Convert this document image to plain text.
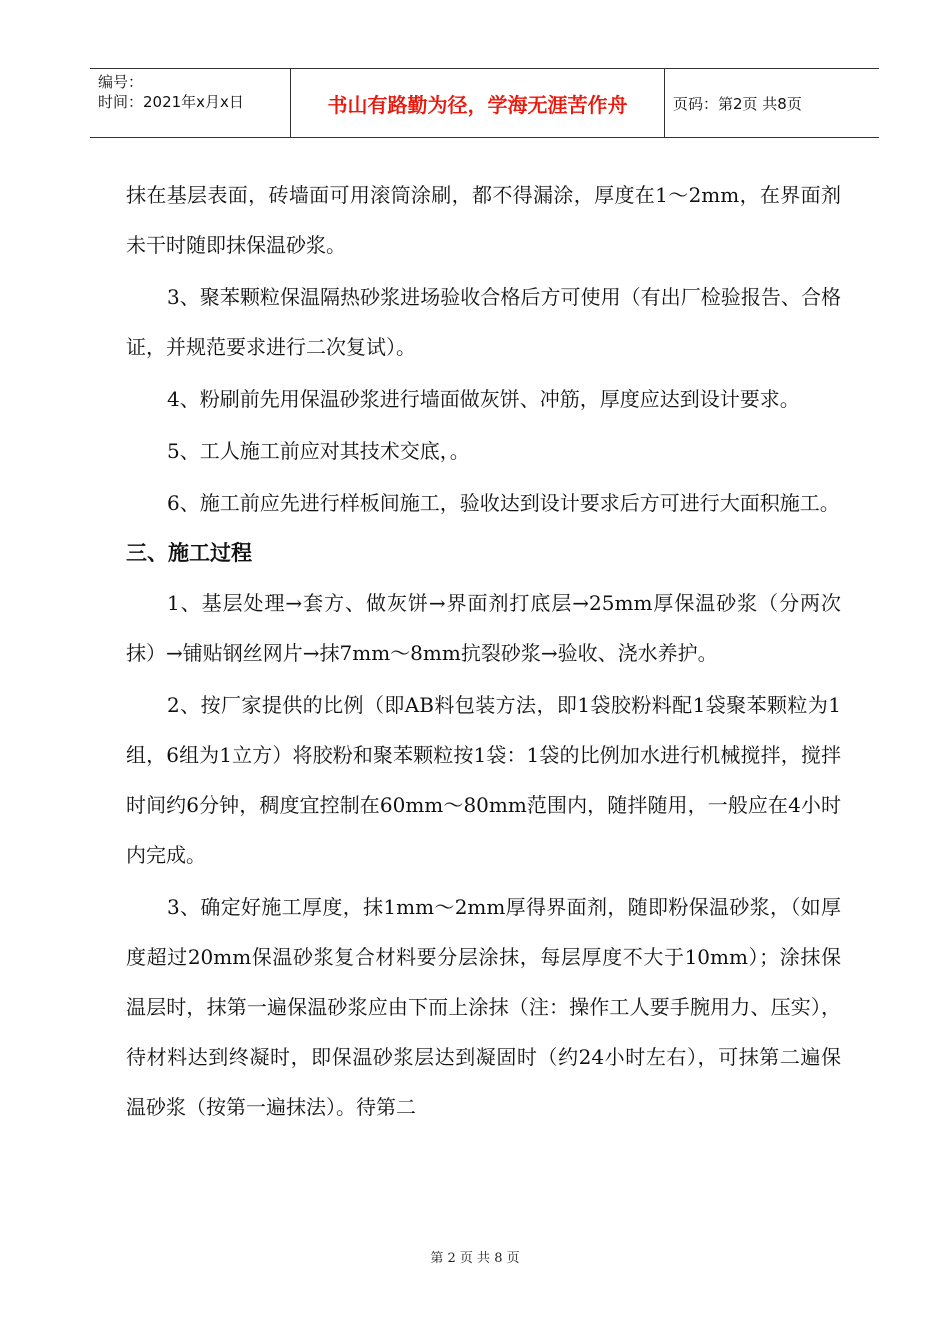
编号：
时间：2021年x月x日	书山有路勤为径，学海无涯苦作舟	页码：第2页 共8页

抹在基层表面，砖墙面可用滚筒涂刷，都不得漏涂，厚度在1～2mm，在界面剂未干时随即抹保温砂浆。

3、聚苯颗粒保温隔热砂浆进场验收合格后方可使用（有出厂检验报告、合格证，并规范要求进行二次复试）。

4、粉刷前先用保温砂浆进行墙面做灰饼、冲筋，厚度应达到设计要求。

5、工人施工前应对其技术交底，。

6、施工前应先进行样板间施工，验收达到设计要求后方可进行大面积施工。

三、施工过程

1、基层处理→套方、做灰饼→界面剂打底层→25mm厚保温砂浆（分两次抹）→铺贴钢丝网片→抹7mm～8mm抗裂砂浆→验收、浇水养护。

2、按厂家提供的比例（即AB料包装方法，即1袋胶粉料配1袋聚苯颗粒为1组，6组为1立方）将胶粉和聚苯颗粒按1袋：1袋的比例加水进行机械搅拌，搅拌时间约6分钟，稠度宜控制在60mm～80mm范围内，随拌随用，一般应在4小时内完成。

3、确定好施工厚度，抹1mm～2mm厚得界面剂，随即粉保温砂浆，（如厚度超过20mm保温砂浆复合材料要分层涂抹，每层厚度不大于10mm）；涂抹保温层时，抹第一遍保温砂浆应由下而上涂抹（注：操作工人要手腕用力、压实），待材料达到终凝时，即保温砂浆层达到凝固时（约24小时左右），可抹第二遍保温砂浆（按第一遍抹法）。待第二

第 2 页 共 8 页
